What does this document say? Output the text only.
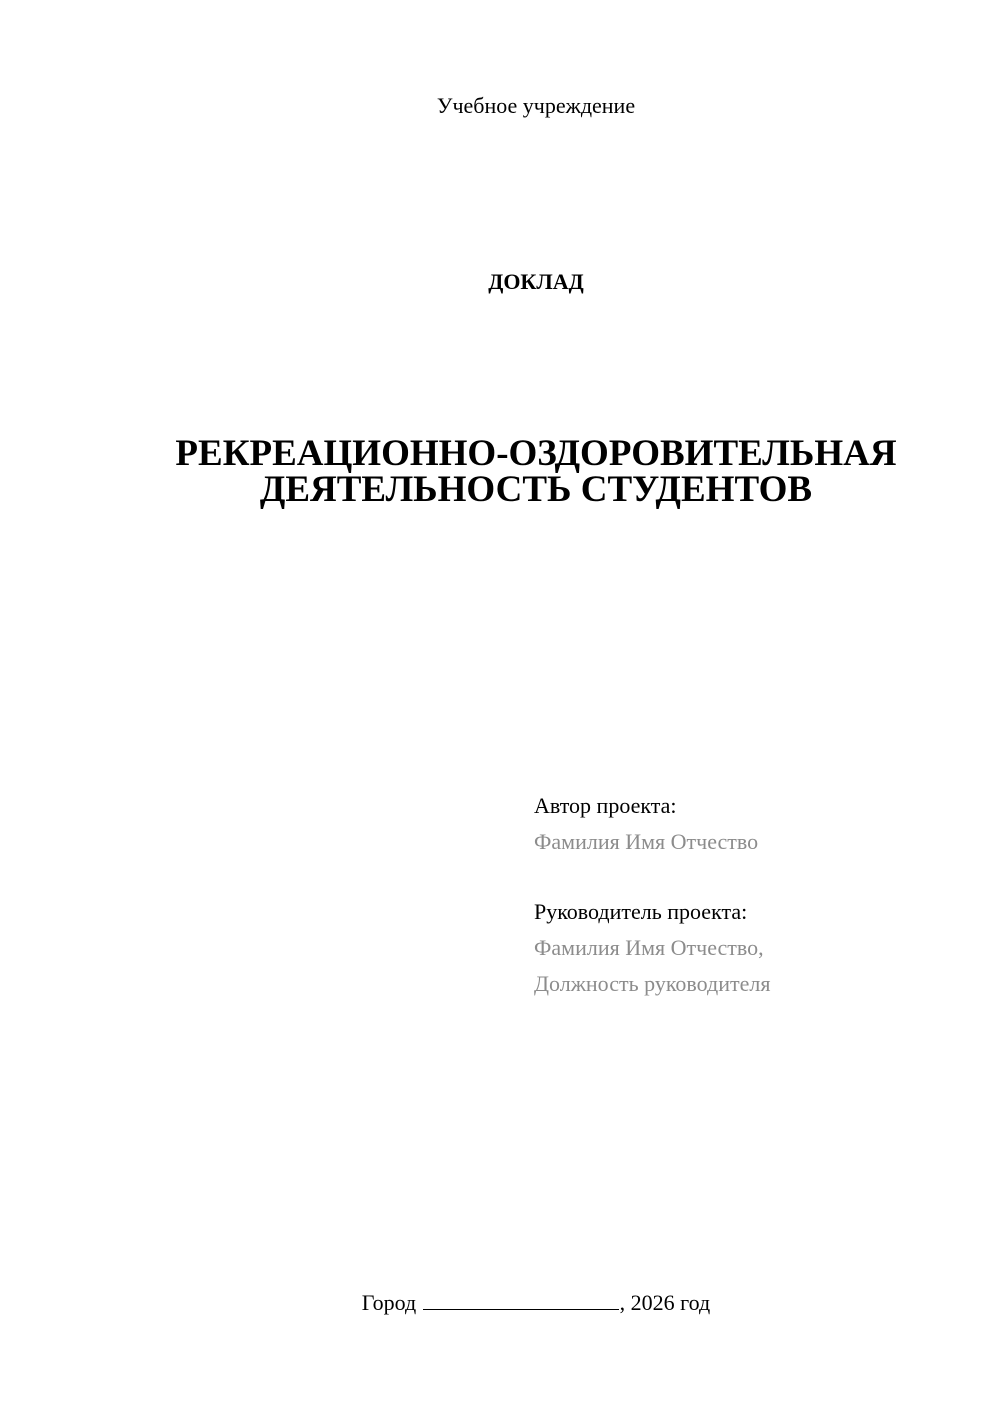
Учебное учреждение
ДОКЛАД
РЕКРЕАЦИОННО-ОЗДОРОВИТЕЛЬНАЯ
ДЕЯТЕЛЬНОСТЬ СТУДЕНТОВ
Автор проекта:
Фамилия Имя Отчество
Руководитель проекта:
Фамилия Имя Отчество,
Должность руководителя
Город	, 2026 год
